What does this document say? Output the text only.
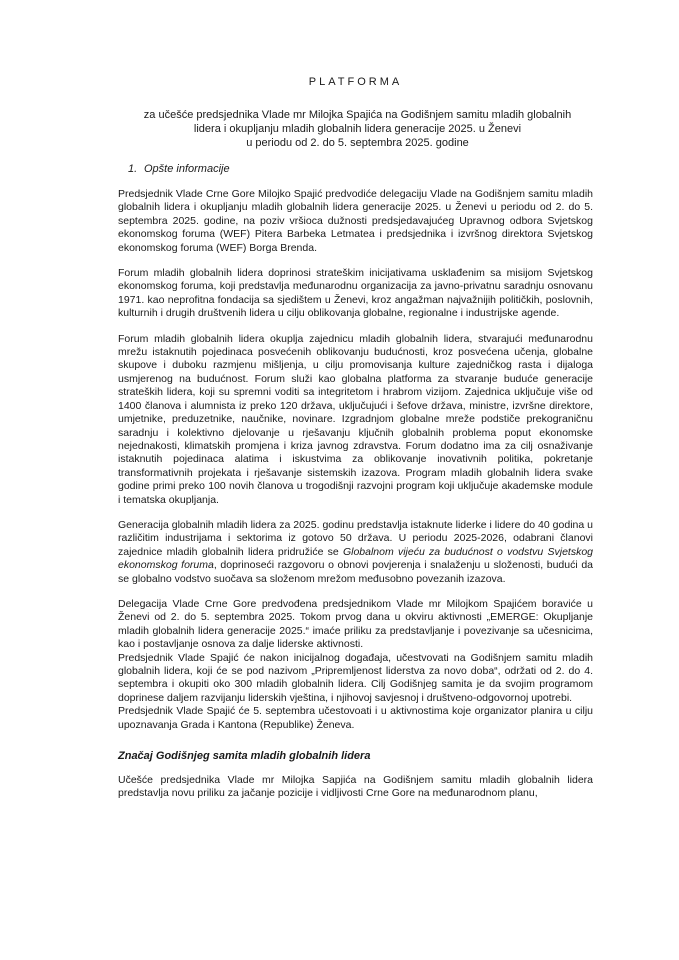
PLATFORMA
za učešće predsjednika Vlade mr Milojka Spajića na Godišnjem samitu mladih globalnih
lidera i okupljanju mladih globalnih lidera generacije 2025. u Ženevi
u periodu od 2. do 5. septembra 2025. godine
1. Opšte informacije

Predsjednik Vlade Crne Gore Milojko Spajić predvodiće delegaciju Vlade na Godišnjem samitu mladih globalnih lidera i okupljanju mladih globalnih lidera generacije 2025. u Ženevi u periodu od 2. do 5. septembra 2025. godine, na poziv vršioca dužnosti predsjedavajućeg Upravnog odbora Svjetskog ekonomskog foruma (WEF) Pitera Barbeka Letmatea i predsjednika i izvršnog direktora Svjetskog ekonomskog foruma (WEF) Borga Brenda.

Forum mladih globalnih lidera doprinosi strateškim inicijativama usklađenim sa misijom Svjetskog ekonomskog foruma, koji predstavlja međunarodnu organizacija za javno-privatnu saradnju osnovanu 1971. kao neprofitna fondacija sa sjedištem u Ženevi, kroz angažman najvažnijih političkih, poslovnih, kulturnih i drugih društvenih lidera u cilju oblikovanja globalne, regionalne i industrijske agende.

Forum mladih globalnih lidera okuplja zajednicu mladih globalnih lidera, stvarajući međunarodnu mrežu istaknutih pojedinaca posvećenih oblikovanju budućnosti, kroz posvećena učenja, globalne skupove i duboku razmjenu mišljenja, u cilju promovisanja kulture zajedničkog rasta i dijaloga usmjerenog na budućnost. Forum služi kao globalna platforma za stvaranje buduće generacije strateških lidera, koji su spremni voditi sa integritetom i hrabrom vizijom. Zajednica uključuje više od 1400 članova i alumnista iz preko 120 država, uključujući i šefove država, ministre, izvršne direktore, umjetnike, preduzetnike, naučnike, novinare. Izgradnjom globalne mreže podstiče prekograničnu saradnju i kolektivno djelovanje u rješavanju ključnih globalnih problema poput ekonomske nejednakosti, klimatskih promjena i kriza javnog zdravstva. Forum dodatno ima za cilj osnaživanje istaknutih pojedinaca alatima i iskustvima za oblikovanje inovativnih politika, pokretanje transformativnih projekata i rješavanje sistemskih izazova. Program mladih globalnih lidera svake godine primi preko 100 novih članova u trogodišnji razvojni program koji uključuje akademske module i tematska okupljanja.

Generacija globalnih mladih lidera za 2025. godinu predstavlja istaknute liderke i lidere do 40 godina u različitim industrijama i sektorima iz gotovo 50 država. U periodu 2025-2026, odabrani članovi zajednice mladih globalnih lidera pridružiće se Globalnom vijeću za budućnost o vodstvu Svjetskog ekonomskog foruma, doprinoseći razgovoru o obnovi povjerenja i snalaženju u složenosti, budući da se globalno vodstvo suočava sa složenom mrežom međusobno povezanih izazova.

Delegacija Vlade Crne Gore predvođena predsjednikom Vlade mr Milojkom Spajićem boraviće u Ženevi od 2. do 5. septembra 2025. Tokom prvog dana u okviru aktivnosti „EMERGE: Okupljanje mladih globalnih lidera generacije 2025.“ imaće priliku za predstavljanje i povezivanje sa učesnicima, kao i postavljanje osnova za dalje liderske aktivnosti.

Predsjednik Vlade Spajić će nakon inicijalnog događaja, učestvovati na Godišnjem samitu mladih globalnih lidera, koji će se pod nazivom „Pripremljenost liderstva za novo doba“, održati od 2. do 4. septembra i okupiti oko 300 mladih globalnih lidera. Cilj Godišnjeg samita je da svojim programom doprinese daljem razvijanju liderskih vještina, i njihovoj savjesnoj i društveno-odgovornoj upotrebi.

Predsjednik Vlade Spajić će 5. septembra učestovoati i u aktivnostima koje organizator planira u cilju upoznavanja Grada i Kantona (Republike) Ženeva.

Značaj Godišnjeg samita mladih globalnih lidera

Učešće predsjednika Vlade mr Milojka Sapjića na Godišnjem samitu mladih globalnih lidera predstavlja novu priliku za jačanje pozicije i vidljivosti Crne Gore na međunarodnom planu,
